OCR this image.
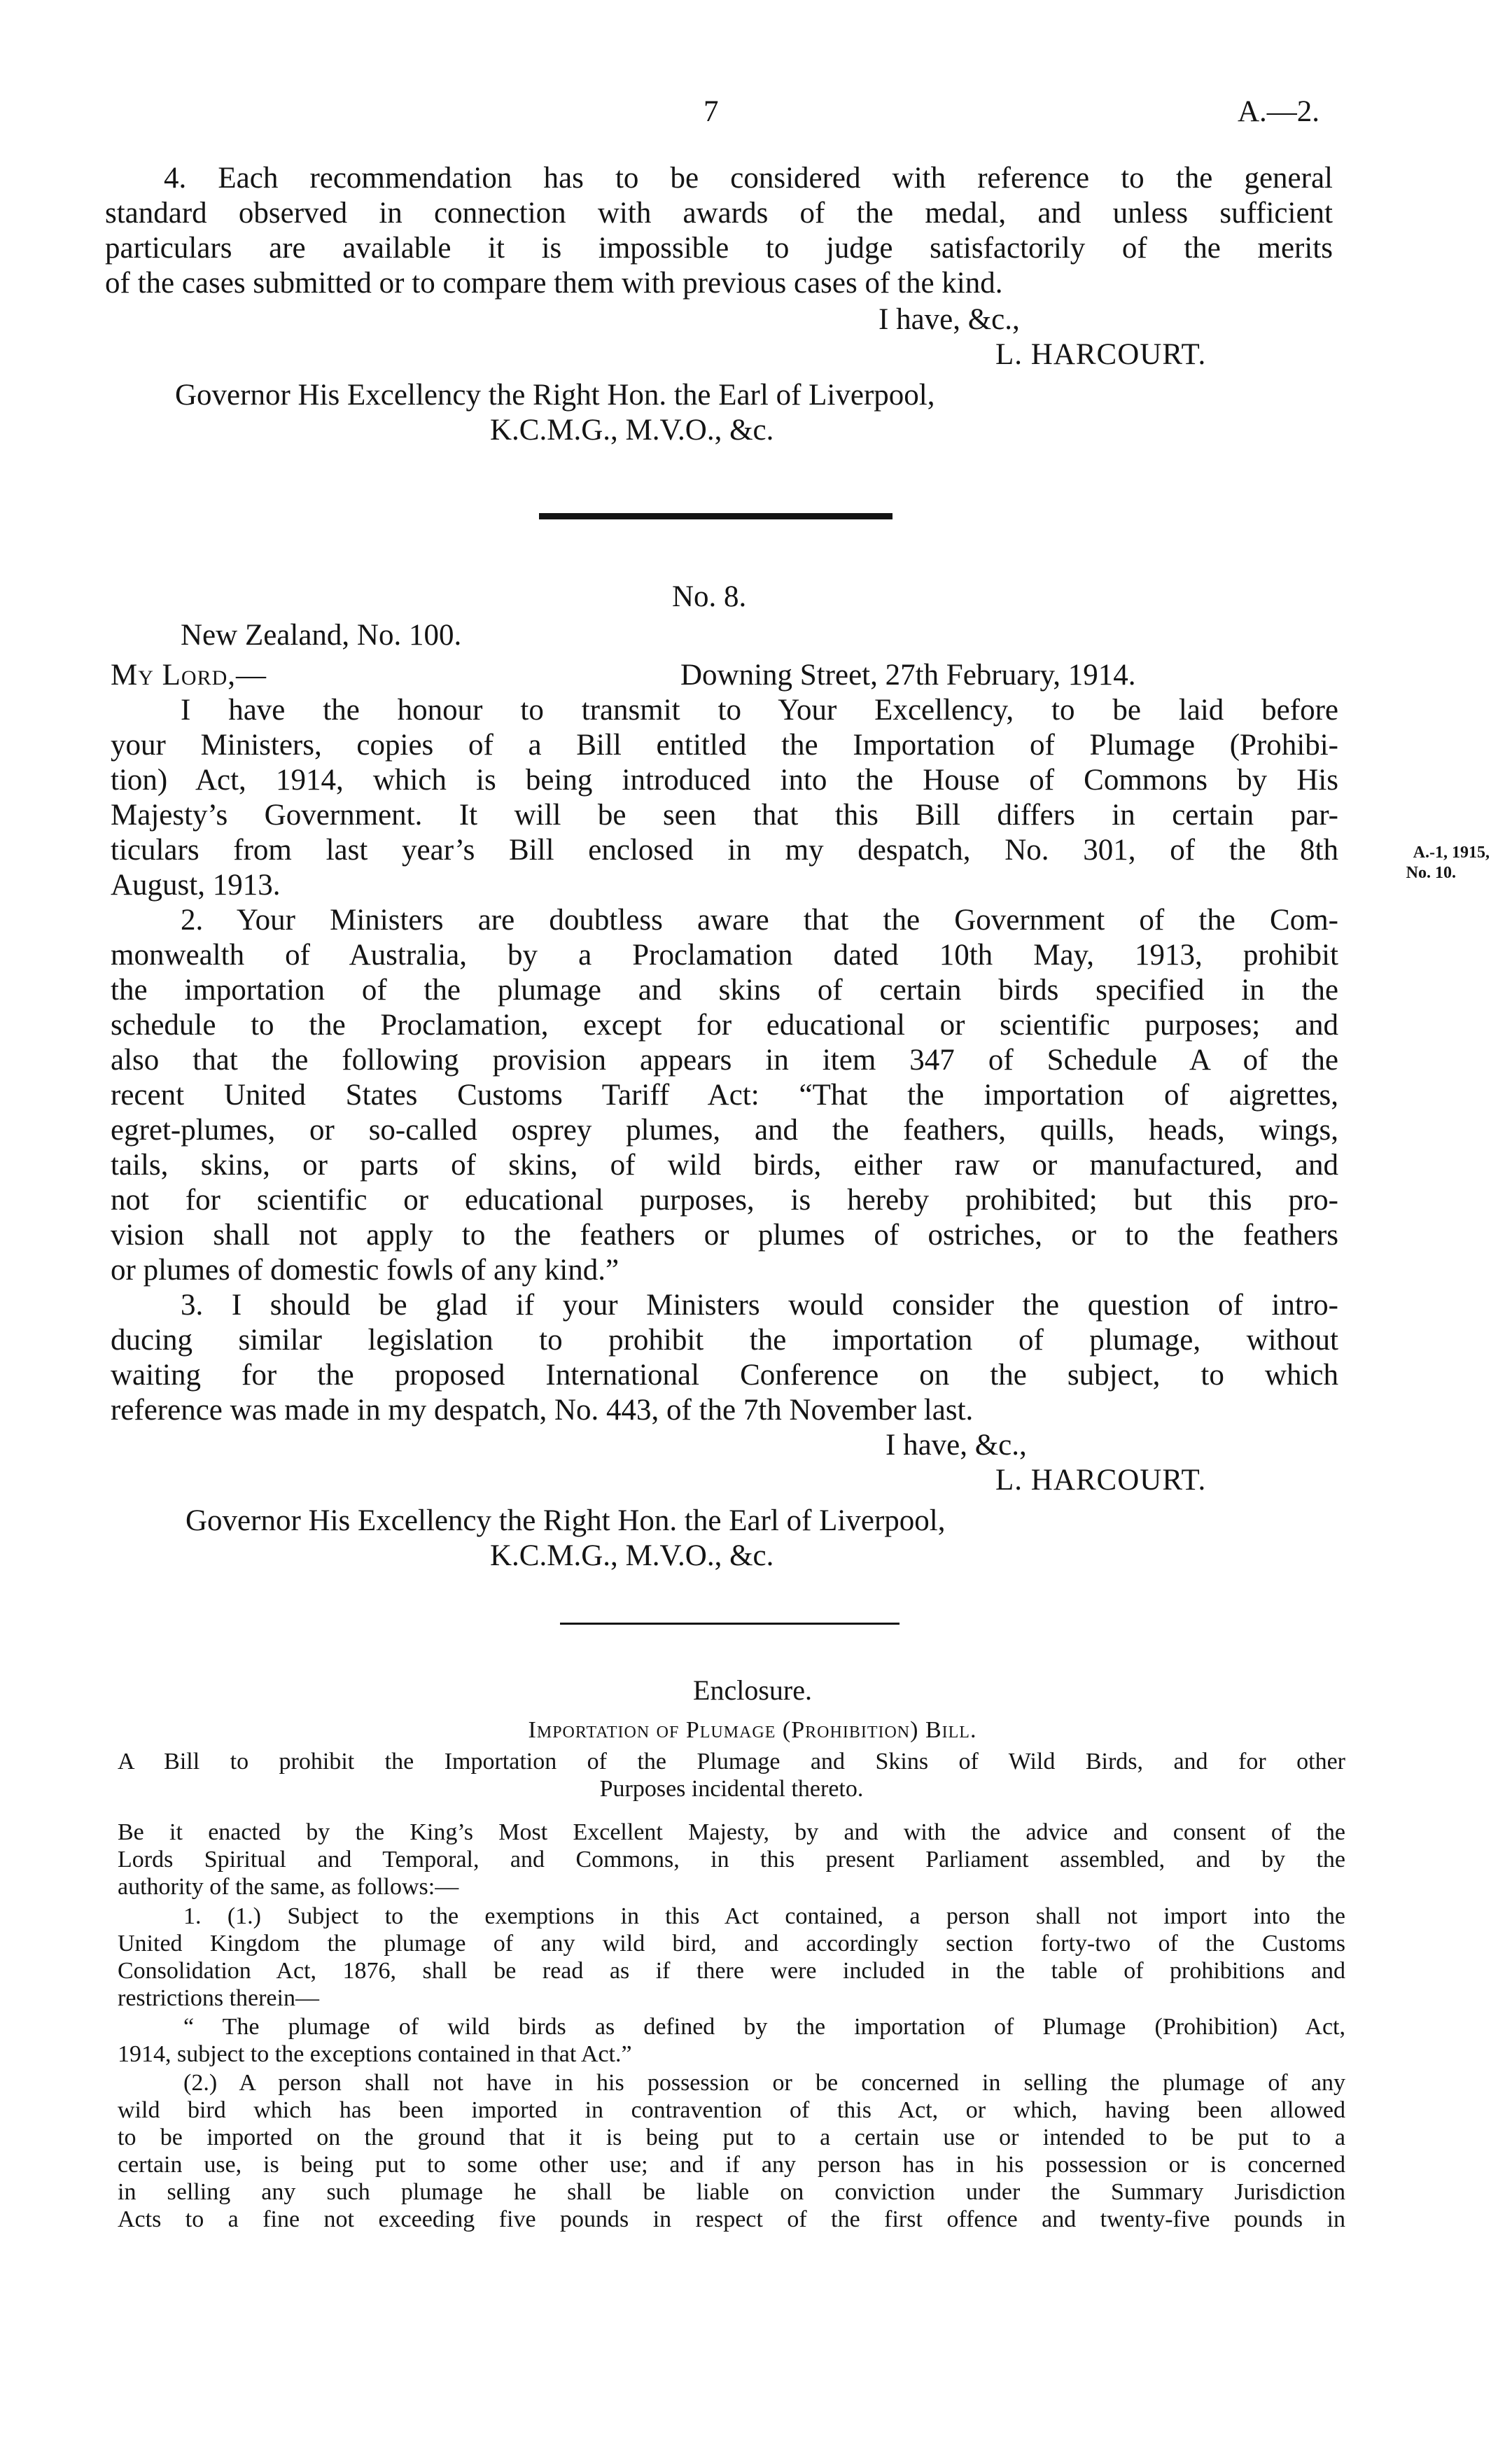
7	A.—2.
4. Each recommendation has to be considered with reference to the general
standard observed in connection with awards of the medal, and unless sufficient
particulars are available it is impossible to judge satisfactorily of the merits
of the cases submitted or to compare them with previous cases of the kind.
I have, &c.,
L. HARCOURT.
Governor His Excellency the Right Hon. the Earl of Liverpool,
K.C.M.G., M.V.O., &c.
No. 8.
New Zealand, No. 100.
My Lord,—	Downing Street, 27th February, 1914.
I have the honour to transmit to Your Excellency, to be laid before
your Ministers, copies of a Bill entitled the Importation of Plumage (Prohibi-
tion) Act, 1914, which is being introduced into the House of Commons by His
Majesty’s Government. It will be seen that this Bill differs in certain par-
ticulars from last year’s Bill enclosed in my despatch, No. 301, of the 8th
August, 1913.
A.-1, 1915,
No. 10.
2. Your Ministers are doubtless aware that the Government of the Com-
monwealth of Australia, by a Proclamation dated 10th May, 1913, prohibit
the importation of the plumage and skins of certain birds specified in the
schedule to the Proclamation, except for educational or scientific purposes; and
also that the following provision appears in item 347 of Schedule A of the
recent United States Customs Tariff Act: “That the importation of aigrettes,
egret-plumes, or so-called osprey plumes, and the feathers, quills, heads, wings,
tails, skins, or parts of skins, of wild birds, either raw or manufactured, and
not for scientific or educational purposes, is hereby prohibited; but this pro-
vision shall not apply to the feathers or plumes of ostriches, or to the feathers
or plumes of domestic fowls of any kind.”
3. I should be glad if your Ministers would consider the question of intro-
ducing similar legislation to prohibit the importation of plumage, without
waiting for the proposed International Conference on the subject, to which
reference was made in my despatch, No. 443, of the 7th November last.
I have, &c.,
L. HARCOURT.
Governor His Excellency the Right Hon. the Earl of Liverpool,
K.C.M.G., M.V.O., &c.
Enclosure.
Importation of Plumage (Prohibition) Bill.
A Bill to prohibit the Importation of the Plumage and Skins of Wild Birds, and for other
Purposes incidental thereto.
Be it enacted by the King’s Most Excellent Majesty, by and with the advice and consent of the
Lords Spiritual and Temporal, and Commons, in this present Parliament assembled, and by the
authority of the same, as follows:—
1. (1.) Subject to the exemptions in this Act contained, a person shall not import into the
United Kingdom the plumage of any wild bird, and accordingly section forty-two of the Customs
Consolidation Act, 1876, shall be read as if there were included in the table of prohibitions and
restrictions therein—
“ The plumage of wild birds as defined by the importation of Plumage (Prohibition) Act,
1914, subject to the exceptions contained in that Act.”
(2.) A person shall not have in his possession or be concerned in selling the plumage of any
wild bird which has been imported in contravention of this Act, or which, having been allowed
to be imported on the ground that it is being put to a certain use or intended to be put to a
certain use, is being put to some other use; and if any person has in his possession or is concerned
in selling any such plumage he shall be liable on conviction under the Summary Jurisdiction
Acts to a fine not exceeding five pounds in respect of the first offence and twenty-five pounds in
